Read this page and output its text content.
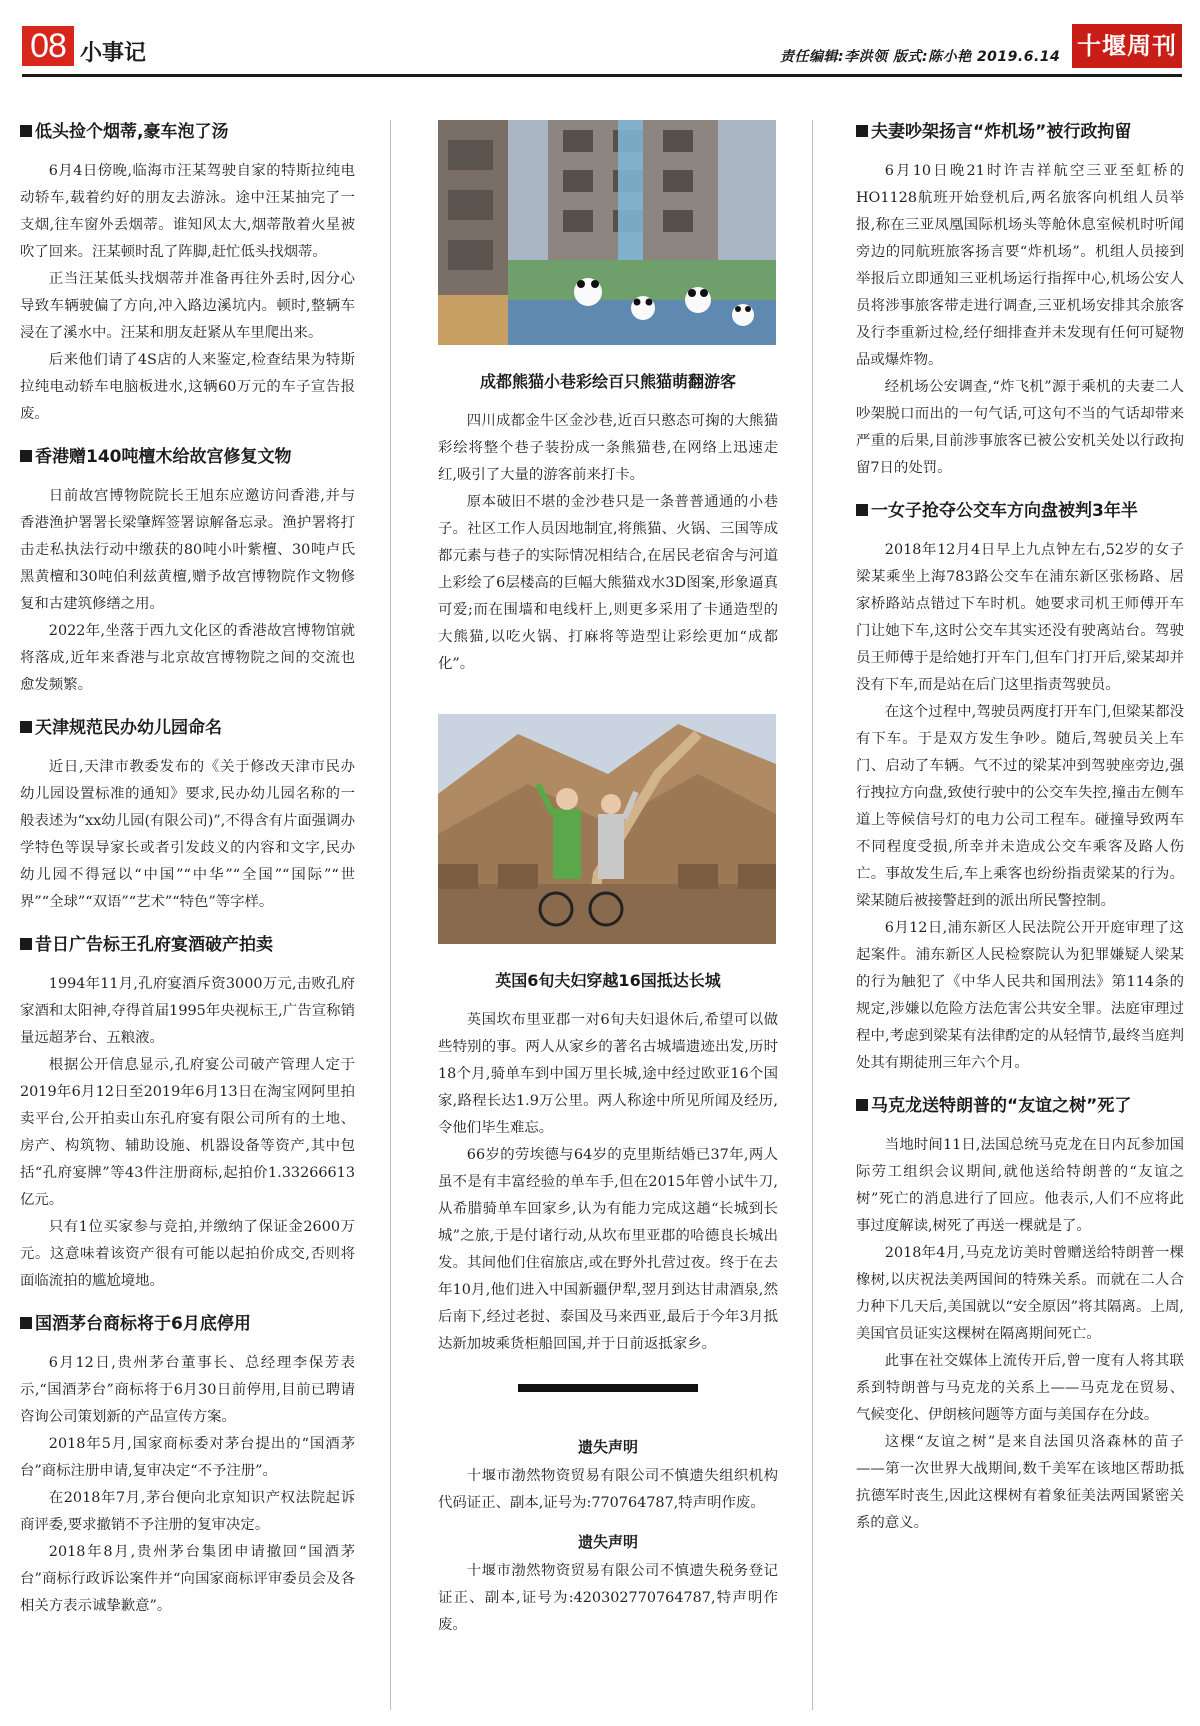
08 小事记	责任编辑:李洪领 版式:陈小艳 2019.6.14 十堰周刊
低头捡个烟蒂,豪车泡了汤

6月4日傍晚,临海市汪某驾驶自家的特斯拉纯电动轿车,载着约好的朋友去游泳。途中汪某抽完了一支烟,往车窗外丢烟蒂。谁知风太大,烟蒂散着火星被吹了回来。汪某顿时乱了阵脚,赶忙低头找烟蒂。

正当汪某低头找烟蒂并准备再往外丢时,因分心导致车辆驶偏了方向,冲入路边溪坑内。顿时,整辆车浸在了溪水中。汪某和朋友赶紧从车里爬出来。

后来他们请了4S店的人来鉴定,检查结果为特斯拉纯电动轿车电脑板进水,这辆60万元的车子宣告报废。

香港赠140吨檀木给故宫修复文物

日前故宫博物院院长王旭东应邀访问香港,并与香港渔护署署长梁肇辉签署谅解备忘录。渔护署将打击走私执法行动中缴获的80吨小叶紫檀、30吨卢氏黑黄檀和30吨伯利兹黄檀,赠予故宫博物院作文物修复和古建筑修缮之用。

2022年,坐落于西九文化区的香港故宫博物馆就将落成,近年来香港与北京故宫博物院之间的交流也愈发频繁。

天津规范民办幼儿园命名

近日,天津市教委发布的《关于修改天津市民办幼儿园设置标准的通知》要求,民办幼儿园名称的一般表述为“xx幼儿园(有限公司)”,不得含有片面强调办学特色等误导家长或者引发歧义的内容和文字,民办幼儿园不得冠以“中国”“中华”“全国”“国际”“世界”“全球”“双语”“艺术”“特色”等字样。

昔日广告标王孔府宴酒破产拍卖

1994年11月,孔府宴酒斥资3000万元,击败孔府家酒和太阳神,夺得首届1995年央视标王,广告宣称销量远超茅台、五粮液。

根据公开信息显示,孔府宴公司破产管理人定于2019年6月12日至2019年6月13日在淘宝网阿里拍卖平台,公开拍卖山东孔府宴有限公司所有的土地、房产、构筑物、辅助设施、机器设备等资产,其中包括“孔府宴牌”等43件注册商标,起拍价1.33266613亿元。

只有1位买家参与竞拍,并缴纳了保证金2600万元。这意味着该资产很有可能以起拍价成交,否则将面临流拍的尴尬境地。

国酒茅台商标将于6月底停用

6月12日,贵州茅台董事长、总经理李保芳表示,“国酒茅台”商标将于6月30日前停用,目前已聘请咨询公司策划新的产品宣传方案。

2018年5月,国家商标委对茅台提出的“国酒茅台”商标注册申请,复审决定“不予注册”。

在2018年7月,茅台便向北京知识产权法院起诉商评委,要求撤销不予注册的复审决定。

2018年8月,贵州茅台集团申请撤回“国酒茅台”商标行政诉讼案件并“向国家商标评审委员会及各相关方表示诚挚歉意”。

成都熊猫小巷彩绘百只熊猫萌翻游客

四川成都金牛区金沙巷,近百只憨态可掬的大熊猫彩绘将整个巷子装扮成一条熊猫巷,在网络上迅速走红,吸引了大量的游客前来打卡。

原本破旧不堪的金沙巷只是一条普普通通的小巷子。社区工作人员因地制宜,将熊猫、火锅、三国等成都元素与巷子的实际情况相结合,在居民老宿舍与河道上彩绘了6层楼高的巨幅大熊猫戏水3D图案,形象逼真可爱;而在围墙和电线杆上,则更多采用了卡通造型的大熊猫,以吃火锅、打麻将等造型让彩绘更加“成都化”。

英国6旬夫妇穿越16国抵达长城

英国坎布里亚郡一对6旬夫妇退休后,希望可以做些特别的事。两人从家乡的著名古城墙遗迹出发,历时18个月,骑单车到中国万里长城,途中经过欧亚16个国家,路程长达1.9万公里。两人称途中所见所闻及经历,令他们毕生难忘。

66岁的劳埃德与64岁的克里斯结婚已37年,两人虽不是有丰富经验的单车手,但在2015年曾小试牛刀,从希腊骑单车回家乡,认为有能力完成这趟“长城到长城”之旅,于是付诸行动,从坎布里亚郡的哈德良长城出发。其间他们住宿旅店,或在野外扎营过夜。终于在去年10月,他们进入中国新疆伊犁,翌月到达甘肃酒泉,然后南下,经过老挝、泰国及马来西亚,最后于今年3月抵达新加坡乘货柜船回国,并于日前返抵家乡。

遗失声明

十堰市渤然物资贸易有限公司不慎遗失组织机构代码证正、副本,证号为:770764787,特声明作废。

遗失声明

十堰市渤然物资贸易有限公司不慎遗失税务登记证正、副本,证号为:420302770764787,特声明作废。

夫妻吵架扬言“炸机场”被行政拘留

6月10日晚21时许吉祥航空三亚至虹桥的HO1128航班开始登机后,两名旅客向机组人员举报,称在三亚凤凰国际机场头等舱休息室候机时听闻旁边的同航班旅客扬言要“炸机场”。机组人员接到举报后立即通知三亚机场运行指挥中心,机场公安人员将涉事旅客带走进行调查,三亚机场安排其余旅客及行李重新过检,经仔细排查并未发现有任何可疑物品或爆炸物。

经机场公安调查,“炸飞机”源于乘机的夫妻二人吵架脱口而出的一句气话,可这句不当的气话却带来严重的后果,目前涉事旅客已被公安机关处以行政拘留7日的处罚。

一女子抢夺公交车方向盘被判3年半

2018年12月4日早上九点钟左右,52岁的女子梁某乘坐上海783路公交车在浦东新区张杨路、居家桥路站点错过下车时机。她要求司机王师傅开车门让她下车,这时公交车其实还没有驶离站台。驾驶员王师傅于是给她打开车门,但车门打开后,梁某却并没有下车,而是站在后门这里指责驾驶员。

在这个过程中,驾驶员两度打开车门,但梁某都没有下车。于是双方发生争吵。随后,驾驶员关上车门、启动了车辆。气不过的梁某冲到驾驶座旁边,强行拽拉方向盘,致使行驶中的公交车失控,撞击左侧车道上等候信号灯的电力公司工程车。碰撞导致两车不同程度受损,所幸并未造成公交车乘客及路人伤亡。事故发生后,车上乘客也纷纷指责梁某的行为。梁某随后被接警赶到的派出所民警控制。

6月12日,浦东新区人民法院公开开庭审理了这起案件。浦东新区人民检察院认为犯罪嫌疑人梁某的行为触犯了《中华人民共和国刑法》第114条的规定,涉嫌以危险方法危害公共安全罪。法庭审理过程中,考虑到梁某有法律酌定的从轻情节,最终当庭判处其有期徒刑三年六个月。

马克龙送特朗普的“友谊之树”死了

当地时间11日,法国总统马克龙在日内瓦参加国际劳工组织会议期间,就他送给特朗普的“友谊之树”死亡的消息进行了回应。他表示,人们不应将此事过度解读,树死了再送一棵就是了。

2018年4月,马克龙访美时曾赠送给特朗普一棵橡树,以庆祝法美两国间的特殊关系。而就在二人合力种下几天后,美国就以“安全原因”将其隔离。上周,美国官员证实这棵树在隔离期间死亡。

此事在社交媒体上流传开后,曾一度有人将其联系到特朗普与马克龙的关系上——马克龙在贸易、气候变化、伊朗核问题等方面与美国存在分歧。

这棵“友谊之树”是来自法国贝洛森林的苗子——第一次世界大战期间,数千美军在该地区帮助抵抗德军时丧生,因此这棵树有着象征美法两国紧密关系的意义。
